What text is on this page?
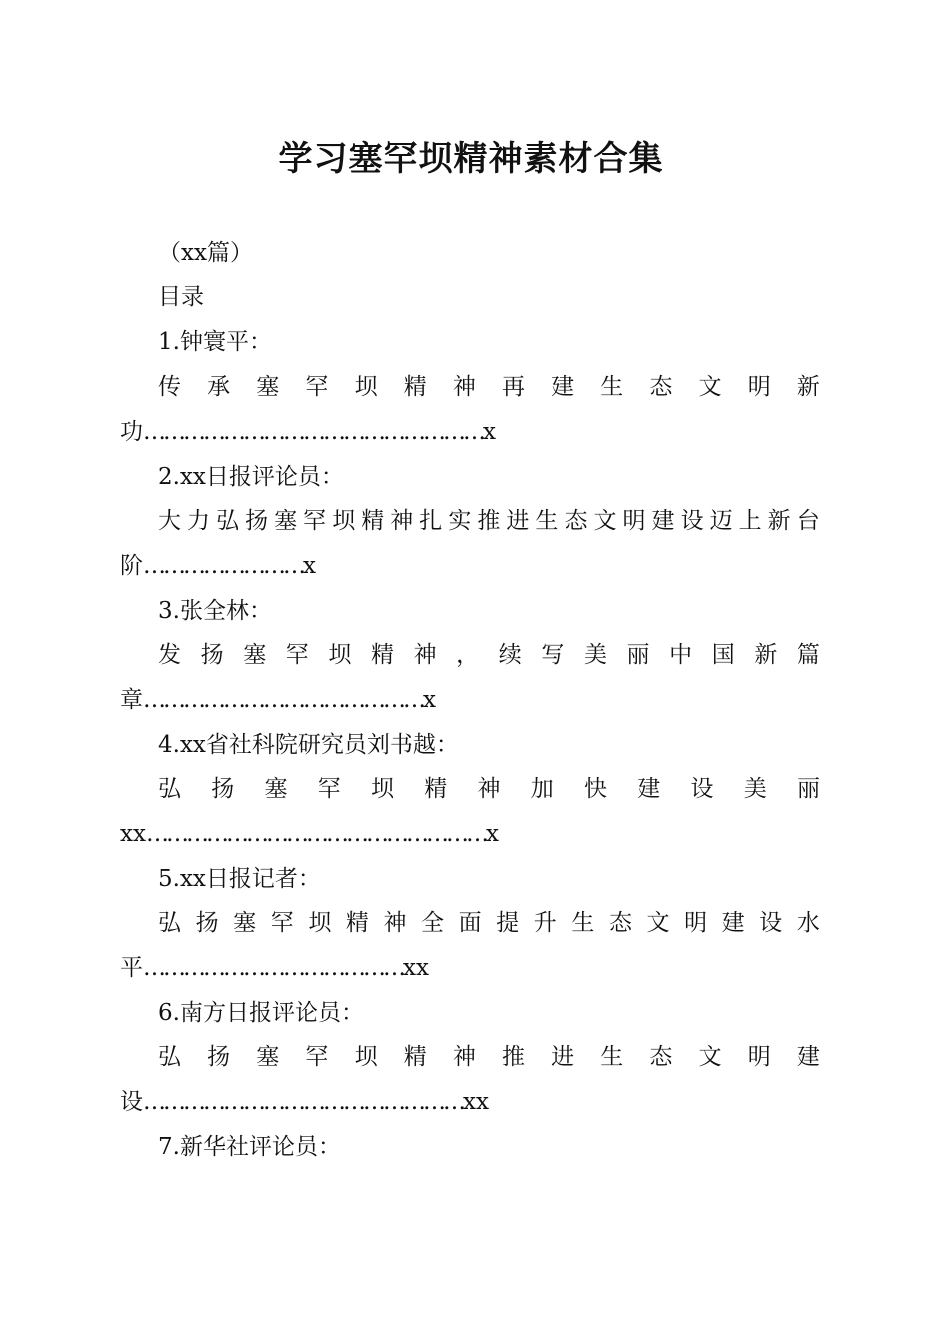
学习塞罕坝精神素材合集
（xx篇）
目录
1.钟寰平：
传 承 塞 罕 坝 精 神 再 建 生 态 文 明 新
功……………………………………………x
2.xx日报评论员：
大 力 弘 扬 塞 罕 坝 精 神 扎 实 推 进 生 态 文 明 建 设 迈 上 新 台
阶……………………x
3.张全林：
发 扬 塞 罕 坝 精 神 ， 续 写 美 丽 中 国 新 篇
章……………………………………x
4.xx省社科院研究员刘书越：
弘 扬 塞 罕 坝 精 神 加 快 建 设 美 丽
xx……………………………………………x
5.xx日报记者：
弘 扬 塞 罕 坝 精 神 全 面 提 升 生 态 文 明 建 设 水
平…………………………………xx
6.南方日报评论员：
弘 扬 塞 罕 坝 精 神 推 进 生 态 文 明 建
设…………………………………………xx
7.新华社评论员：
